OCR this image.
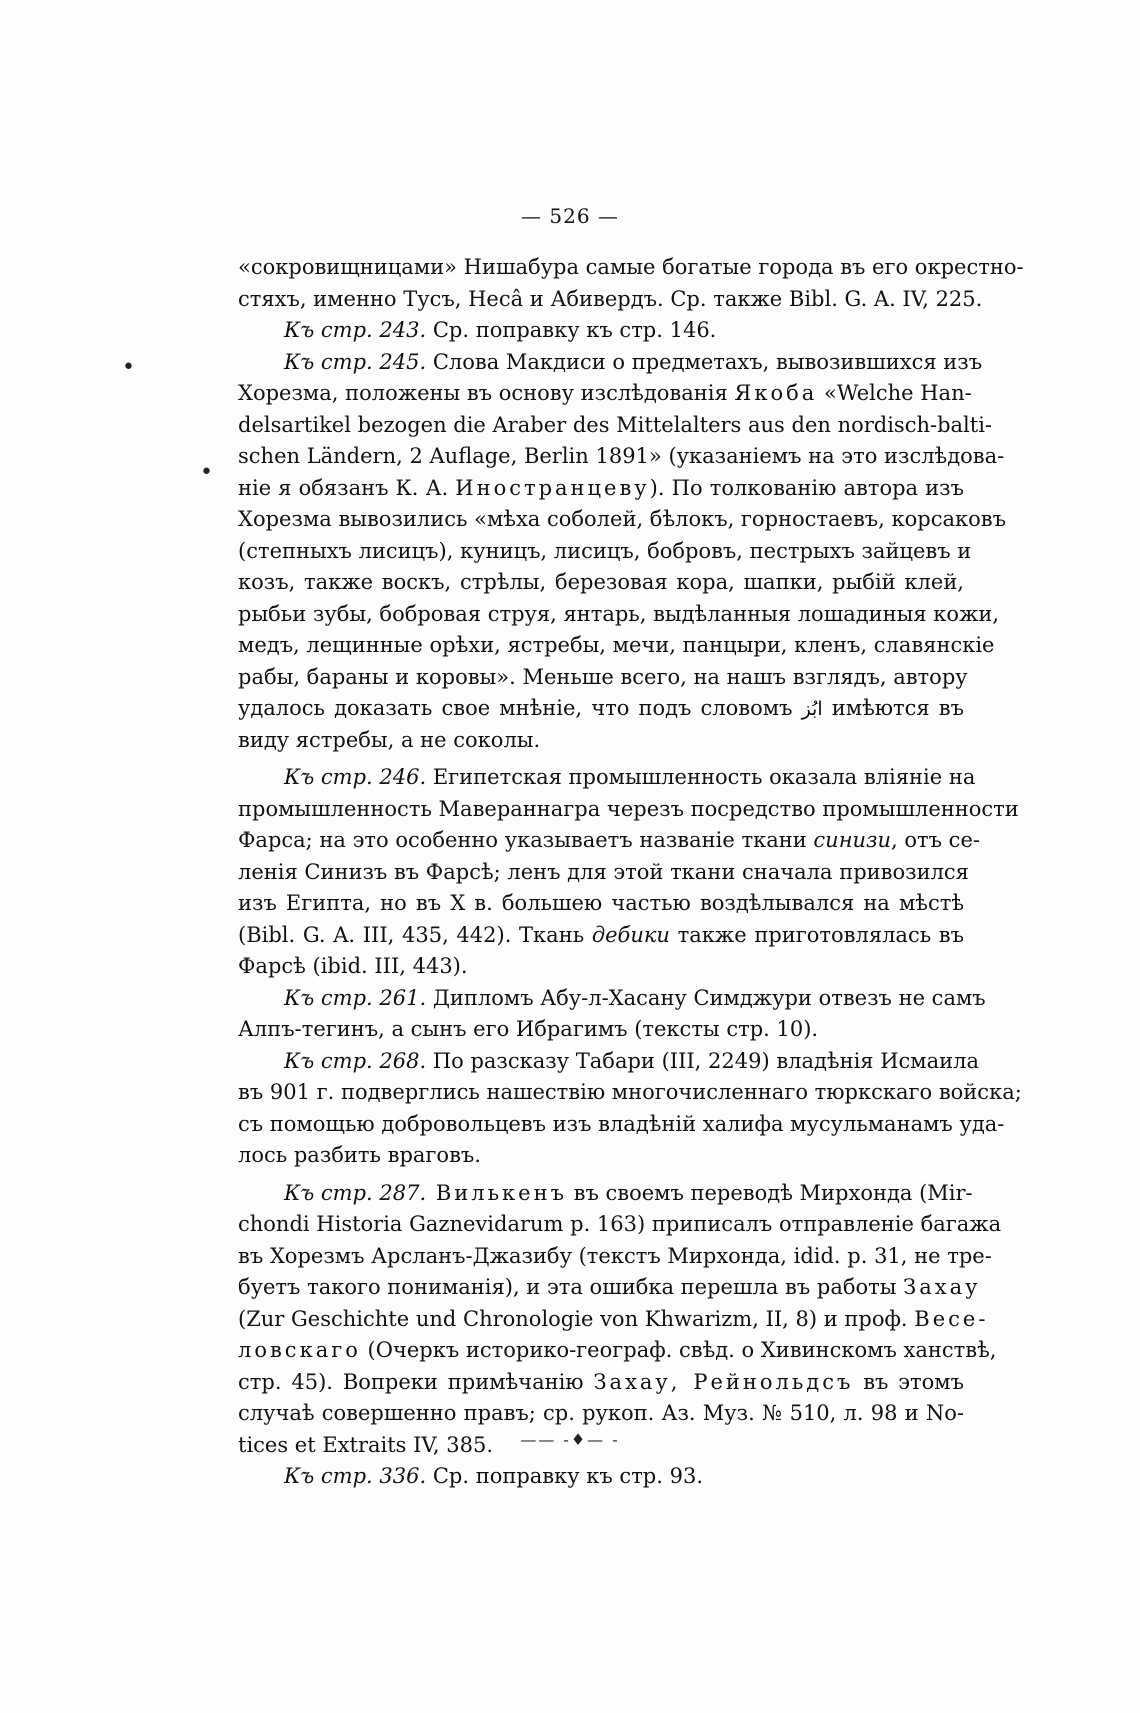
— 526 —
•
•
«сокровищницами» Нишабура самые богатые города въ его окрестно-
стяхъ, именно Тусъ, Несâ и Абивердъ. Ср. также Bibl. G. A. IV, 225.
Къ стр. 243. Ср. поправку къ стр. 146.
Къ стр. 245. Слова Макдиси о предметахъ, вывозившихся изъ
Хорезма, положены въ основу изслѣдованія Якоба «Welche Han-
delsartikel bezogen die Araber des Mittelalters aus den nordisch-balti-
schen Ländern, 2 Auflage, Berlin 1891» (указаніемъ на это изслѣдова-
ніе я обязанъ К. А. Иностранцеву). По толкованію автора изъ
Хорезма вывозились «мѣха соболей, бѣлокъ, горностаевъ, корсаковъ
(степныхъ лисицъ), куницъ, лисицъ, бобровъ, пестрыхъ зайцевъ и
козъ, также воскъ, стрѣлы, березовая кора, шапки, рыбій клей,
рыбьи зубы, бобровая струя, янтарь, выдѣланныя лошадиныя кожи,
медъ, лещинные орѣхи, ястребы, мечи, панцыри, кленъ, славянскіе
рабы, бараны и коровы». Меньше всего, на нашъ взглядъ, автору
удалось доказать свое мнѣніе, что подъ словомъ ابُز имѣются въ
виду ястребы, а не соколы.
Къ стр. 246. Египетская промышленность оказала вліяніе на
промышленность Мавераннагра черезъ посредство промышленности
Фарса; на это особенно указываетъ названіе ткани синизи, отъ се-
ленія Синизъ въ Фарсѣ; ленъ для этой ткани сначала привозился
изъ Египта, но въ X в. большею частью воздѣлывался на мѣстѣ
(Bibl. G. A. III, 435, 442). Ткань дебики также приготовлялась въ
Фарсѣ (ibid. III, 443).
Къ стр. 261. Дипломъ Абу-л-Хасану Симджури отвезъ не самъ
Алпъ-тегинъ, а сынъ его Ибрагимъ (тексты стр. 10).
Къ стр. 268. По разсказу Табари (III, 2249) владѣнія Исмаила
въ 901 г. подверглись нашествію многочисленнаго тюркскаго войска;
съ помощью добровольцевъ изъ владѣній халифа мусульманамъ уда-
лось разбить враговъ.
Къ стр. 287. Вилькенъ въ своемъ переводѣ Мирхонда (Mir-
chondi Historia Gaznevidarum p. 163) приписалъ отправленіе багажа
въ Хорезмъ Арсланъ-Джазибу (текстъ Мирхонда, idid. p. 31, не тре-
буетъ такого пониманія), и эта ошибка перешла въ работы Захау
(Zur Geschichte und Chronologie von Khwarizm, II, 8) и проф. Весе-
ловскаго (Очеркъ историко-географ. свѣд. о Хивинскомъ ханствѣ,
стр. 45). Вопреки примѣчанію Захау, Рейнольдсъ въ этомъ
случаѣ совершенно правъ; ср. рукоп. Аз. Муз. № 510, л. 98 и No-
tices et Extraits IV, 385.
Къ стр. 336. Ср. поправку къ стр. 93.
—— -♦— -
